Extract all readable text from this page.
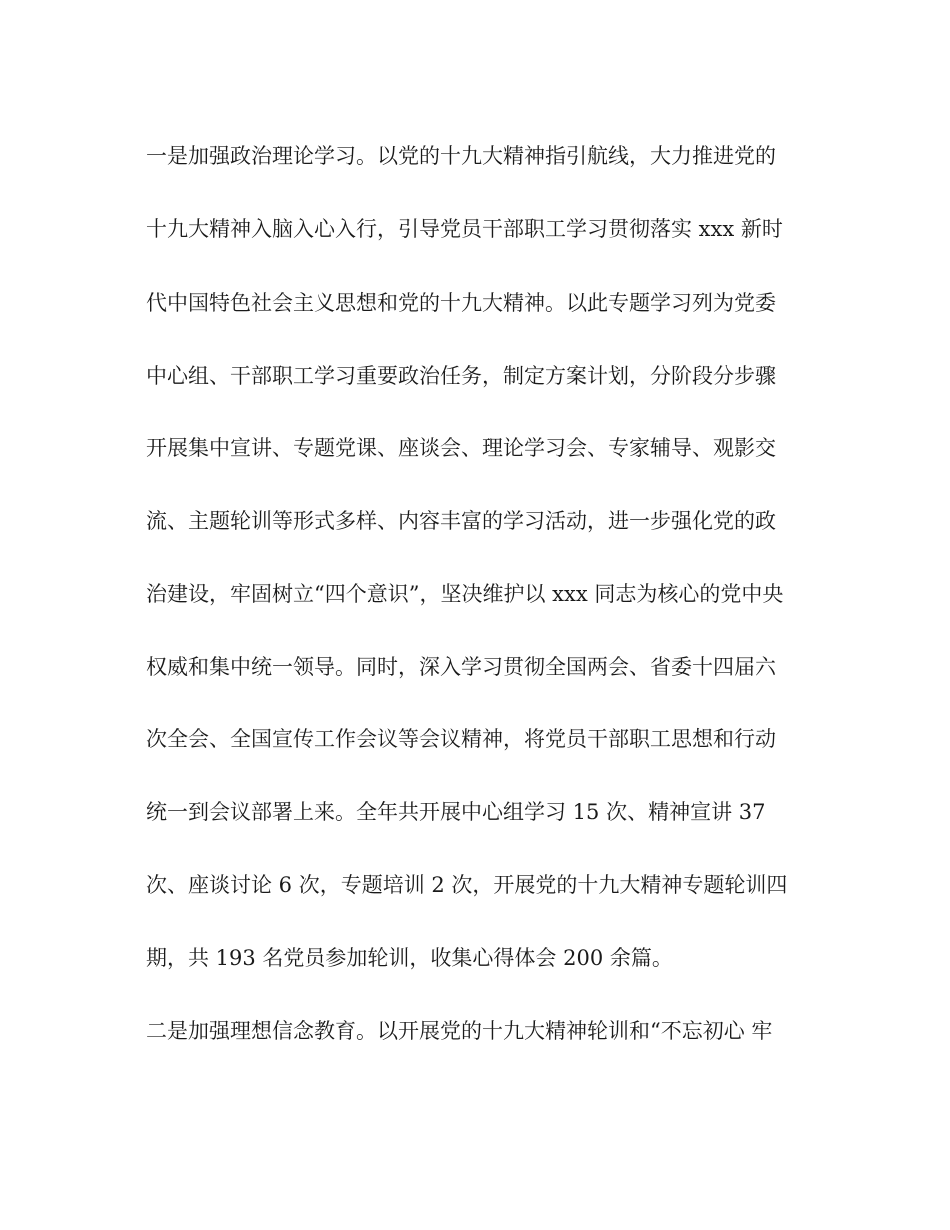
一是加强政治理论学习。以党的十九大精神指引航线，大力推进党的
十九大精神入脑入心入行，引导党员干部职工学习贯彻落实 xxx 新时
代中国特色社会主义思想和党的十九大精神。以此专题学习列为党委
中心组、干部职工学习重要政治任务，制定方案计划，分阶段分步骤
开展集中宣讲、专题党课、座谈会、理论学习会、专家辅导、观影交
流、主题轮训等形式多样、内容丰富的学习活动，进一步强化党的政
治建设，牢固树立“四个意识”，坚决维护以 xxx 同志为核心的党中央
权威和集中统一领导。同时，深入学习贯彻全国两会、省委十四届六
次全会、全国宣传工作会议等会议精神，将党员干部职工思想和行动
统一到会议部署上来。全年共开展中心组学习 15 次、精神宣讲 37
次、座谈讨论 6 次，专题培训 2 次，开展党的十九大精神专题轮训四
期，共 193 名党员参加轮训，收集心得体会 200 余篇。
二是加强理想信念教育。以开展党的十九大精神轮训和“不忘初心 牢
